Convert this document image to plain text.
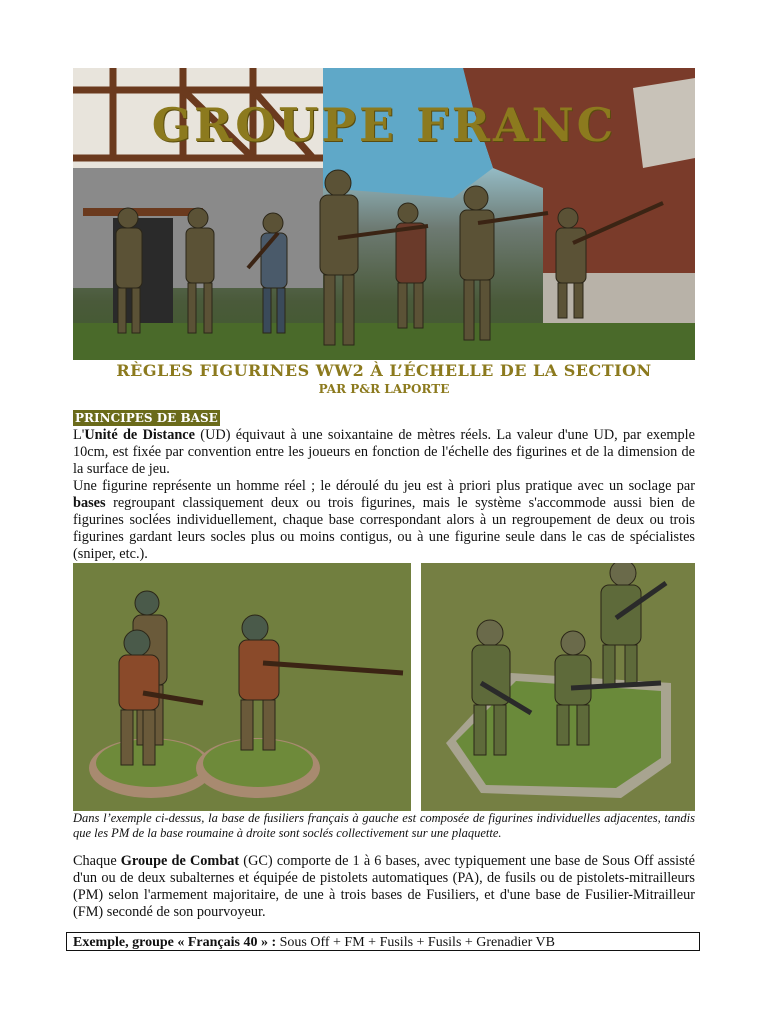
GROUPE FRANC
RÈGLES FIGURINES WW2 À L’ÉCHELLE DE LA SECTION
PAR P&R LAPORTE
PRINCIPES DE BASE
L'Unité de Distance (UD) équivaut à une soixantaine de mètres réels. La valeur d'une UD, par exemple 10cm, est fixée par convention entre les joueurs en fonction de l'échelle des figurines et de la dimension de la surface de jeu.
Une figurine représente un homme réel ; le déroulé du jeu est à priori plus pratique avec un soclage par bases regroupant classiquement deux ou trois figurines, mais le système s'accommode aussi bien de figurines soclées individuellement, chaque base correspondant alors à un regroupement de deux ou trois figurines gardant leurs socles plus ou moins contigus, ou à une figurine seule dans le cas de spécialistes (sniper, etc.).
Dans l’exemple ci-dessus, la base de fusiliers français à gauche est composée de figurines individuelles adjacentes, tandis que les PM de la base roumaine à droite sont soclés collectivement sur une plaquette.
Chaque Groupe de Combat (GC) comporte de 1 à 6 bases, avec typiquement une base de Sous Off assisté d'un ou de deux subalternes et équipée de pistolets automatiques (PA), de fusils ou de pistolets-mitrailleurs (PM) selon l'armement majoritaire, de une à trois bases de Fusiliers, et d'une base de Fusilier-Mitrailleur (FM) secondé de son pourvoyeur.
Exemple, groupe « Français 40 » : Sous Off + FM + Fusils + Fusils + Grenadier VB
